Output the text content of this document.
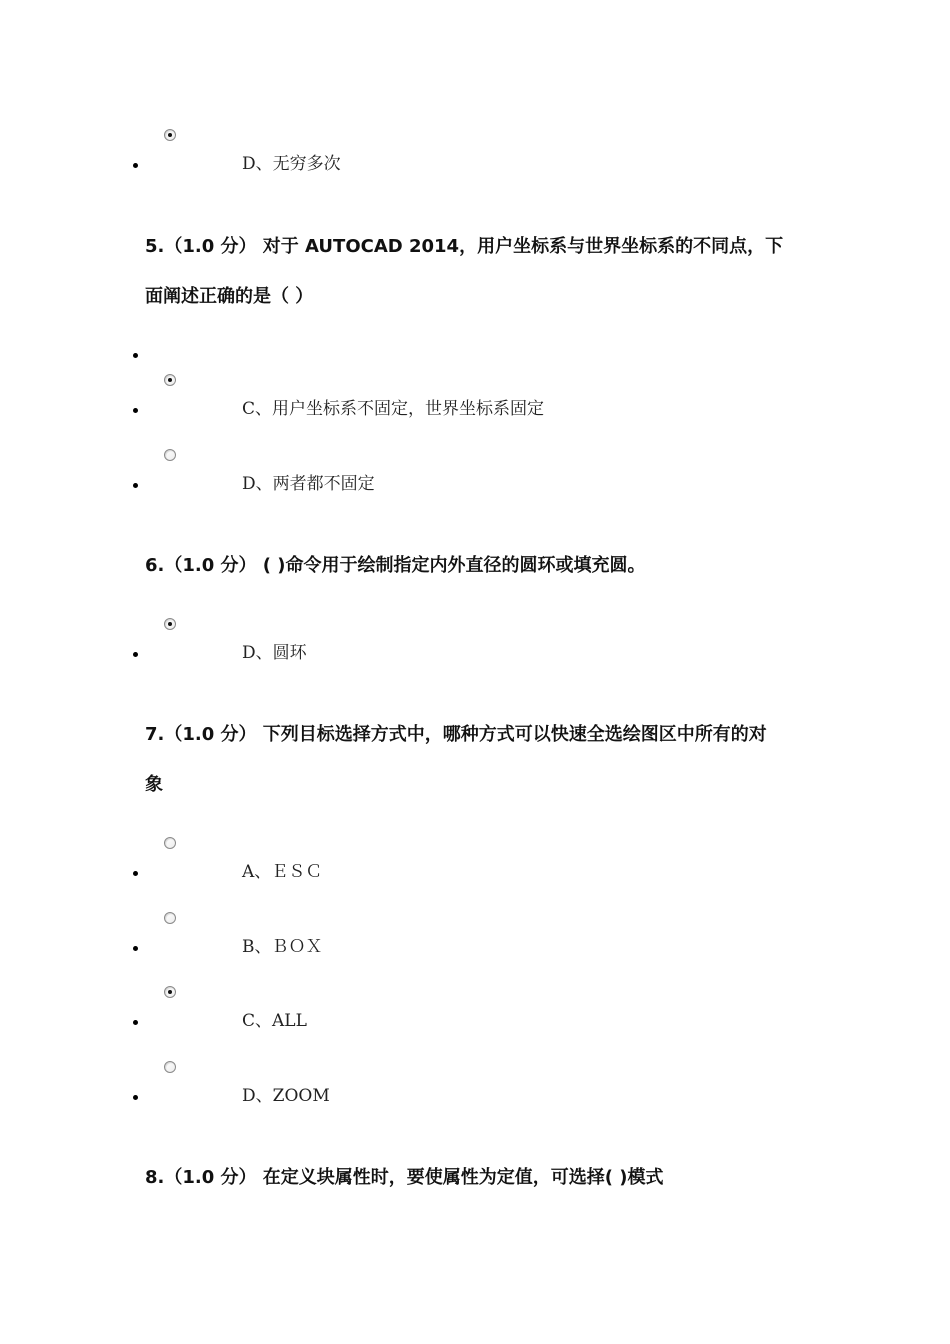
D、无穷多次
5.（1.0 分） 对于 AUTOCAD 2014，用户坐标系与世界坐标系的不同点，下
面阐述正确的是（ ）
C、用户坐标系不固定，世界坐标系固定
D、两者都不固定
6.（1.0 分） ( )命令用于绘制指定内外直径的圆环或填充圆。
D、圆环
7.（1.0 分） 下列目标选择方式中，哪种方式可以快速全选绘图区中所有的对
象
A、ＥＳＣ
B、ＢＯＸ
C、ALL
D、ZOOM
8.（1.0 分） 在定义块属性时，要使属性为定值，可选择( )模式
